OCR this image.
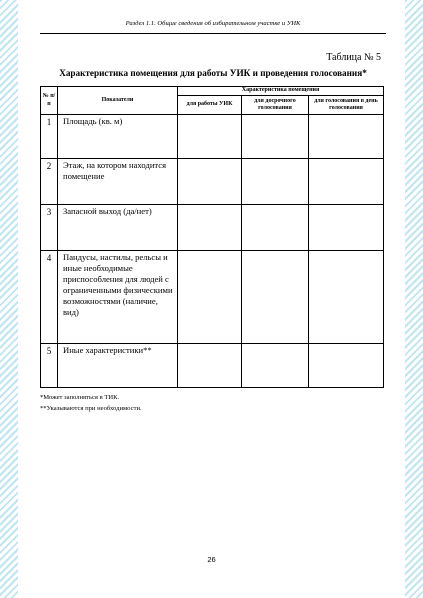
Раздел 1.1. Общие сведения об избирательном участке и УИК
Таблица № 5
Характеристика помещения для работы УИК и проведения голосования*
№ п/п	Показатели	Характеристика помещения		
		для работы УИК	для досрочного голосования	для голосования в день голосования
1	Площадь (кв. м)			
2	Этаж, на котором находится помещение			
3	Запасной выход (да/нет)			
4	Пандусы, настилы, рельсы и иные необходимые приспособления для людей с ограниченными физическими возможностями (наличие, вид)			
5	Иные характеристики**			
*Может заполняться в ТИК.
**Указываются при необходимости.
26
